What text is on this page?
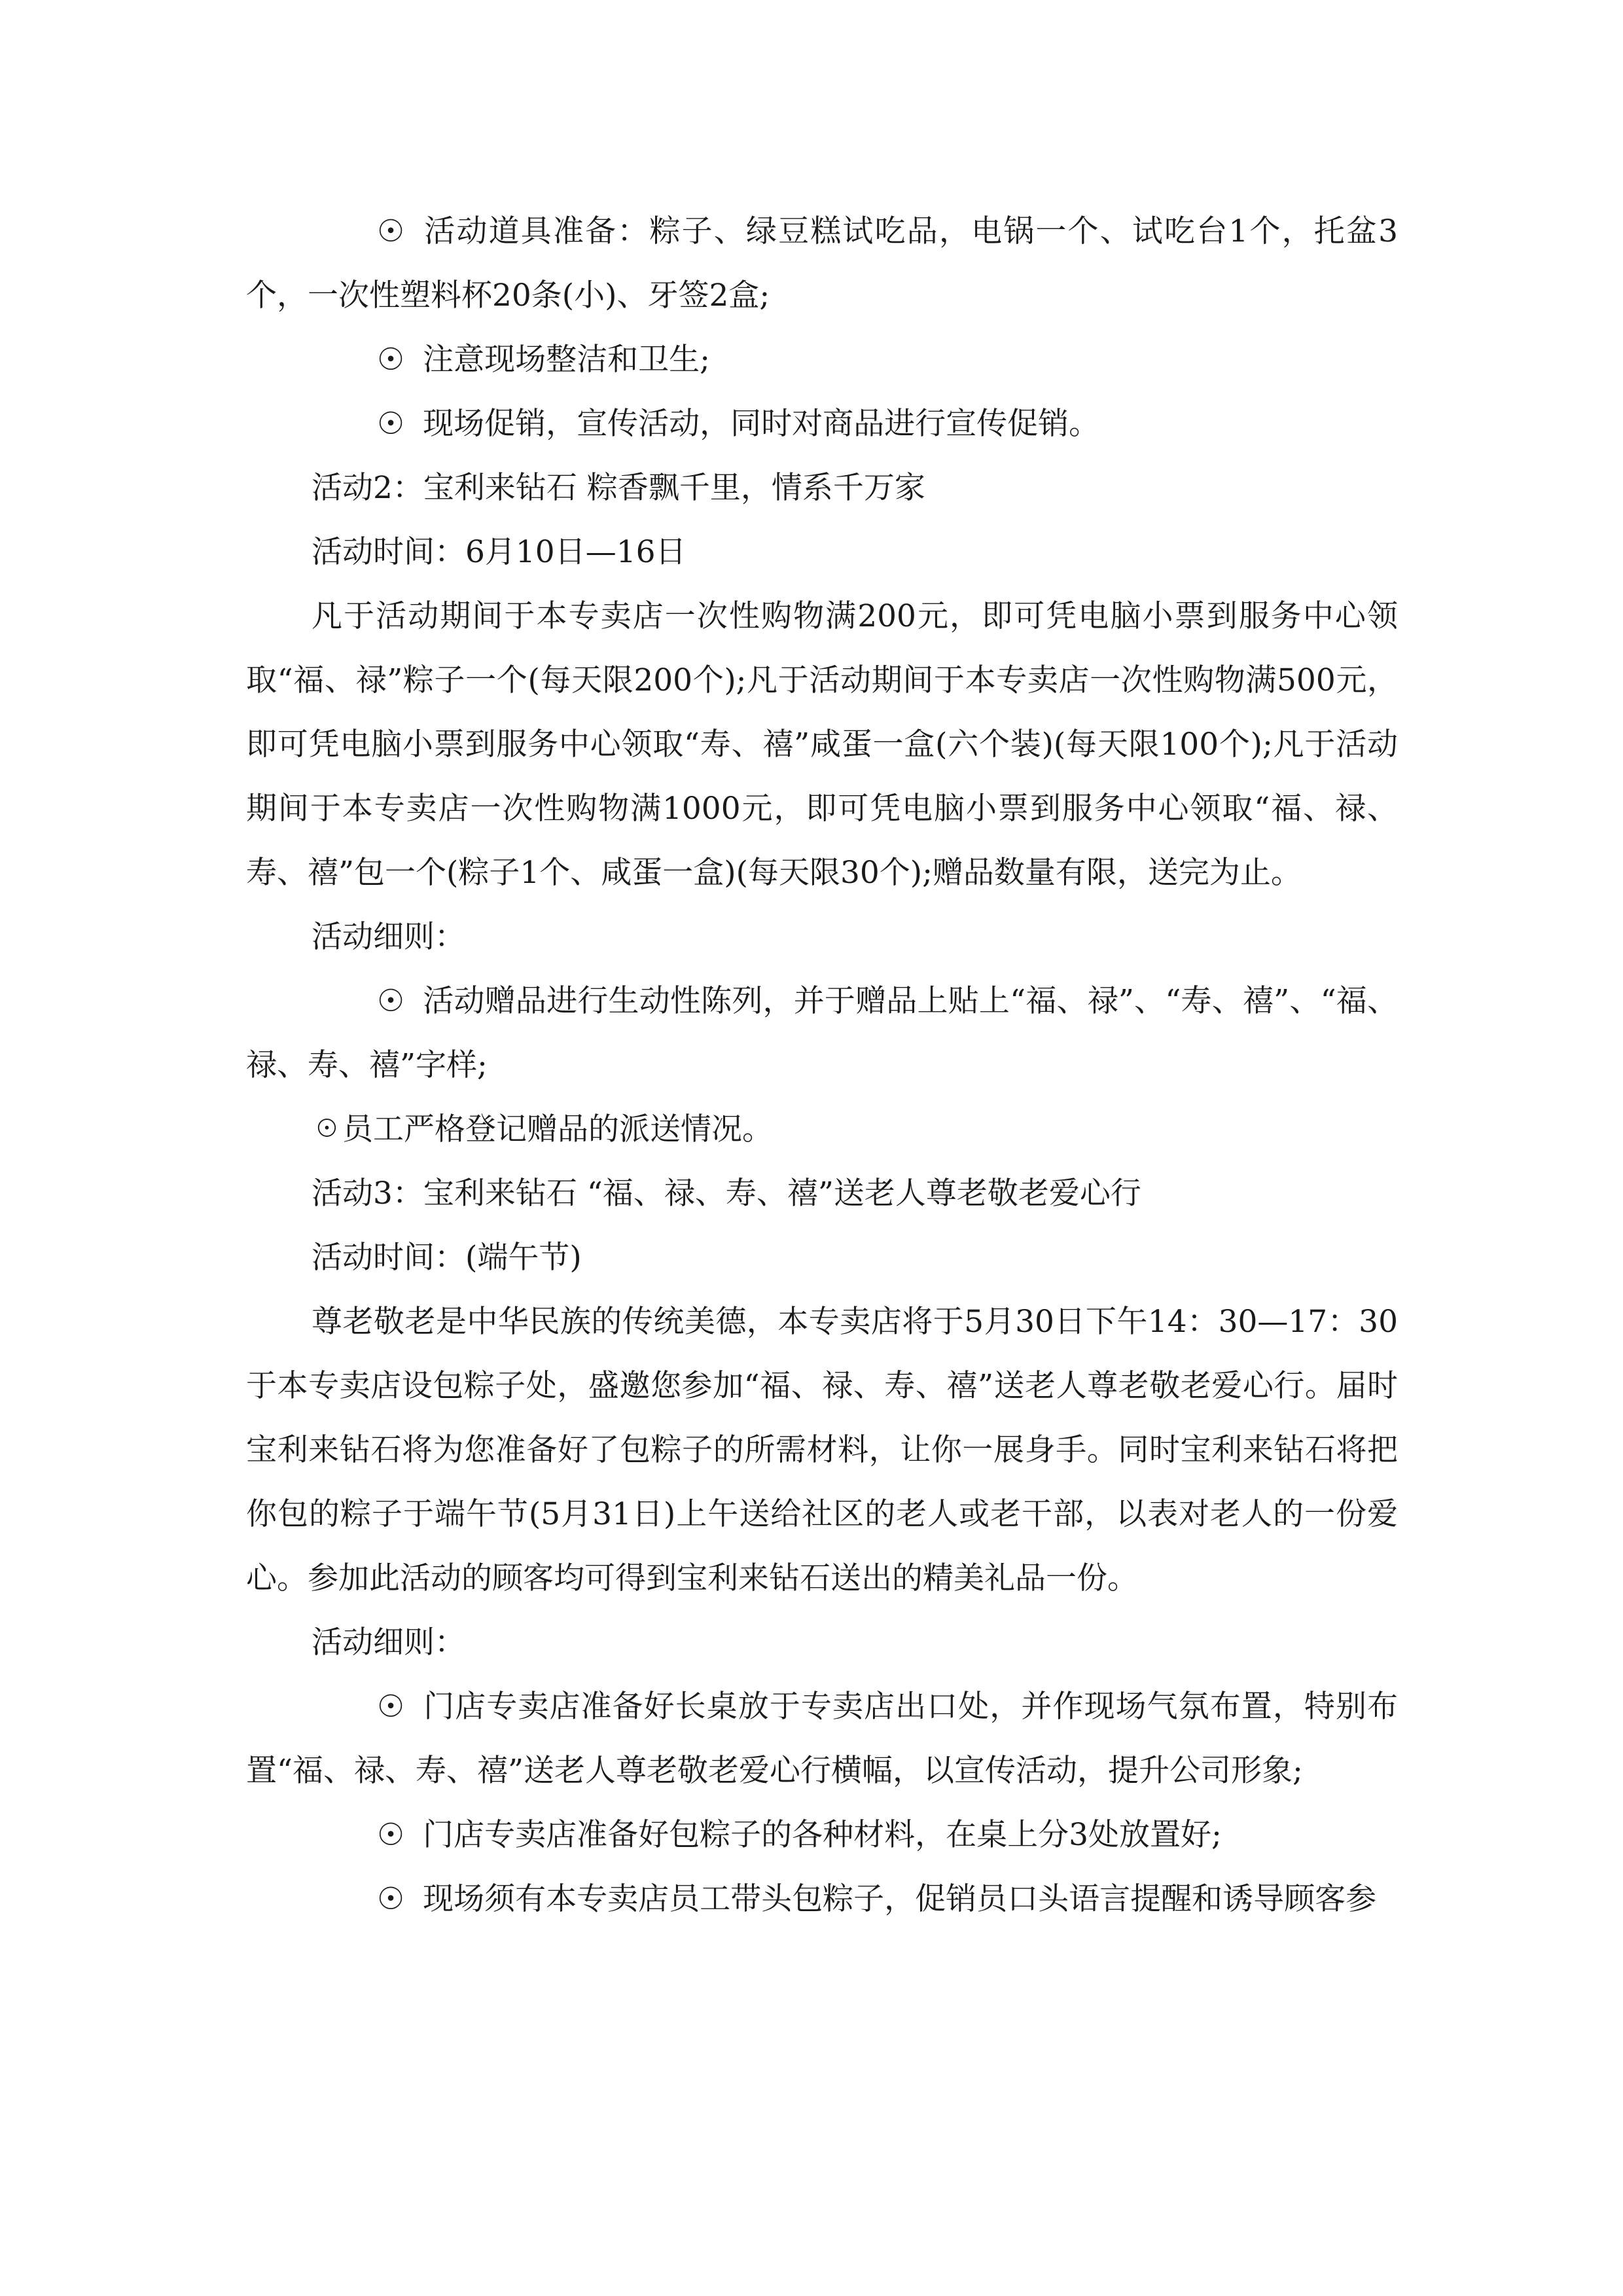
☉ 活动道具准备：粽子、绿豆糕试吃品，电锅一个、试吃台1个，托盆3个，一次性塑料杯20条(小)、牙签2盒;

☉ 注意现场整洁和卫生;

☉ 现场促销，宣传活动，同时对商品进行宣传促销。

活动2：宝利来钻石 粽香飘千里，情系千万家

活动时间：6月10日—16日

凡于活动期间于本专卖店一次性购物满200元，即可凭电脑小票到服务中心领取“福、禄”粽子一个(每天限200个);凡于活动期间于本专卖店一次性购物满500元，即可凭电脑小票到服务中心领取“寿、禧”咸蛋一盒(六个装)(每天限100个);凡于活动期间于本专卖店一次性购物满1000元，即可凭电脑小票到服务中心领取“福、禄、寿、禧”包一个(粽子1个、咸蛋一盒)(每天限30个);赠品数量有限，送完为止。

活动细则：

☉ 活动赠品进行生动性陈列，并于赠品上贴上“福、禄”、“寿、禧”、“福、禄、寿、禧”字样;

☉员工严格登记赠品的派送情况。

活动3：宝利来钻石 “福、禄、寿、禧”送老人尊老敬老爱心行

活动时间：(端午节)

尊老敬老是中华民族的传统美德，本专卖店将于5月30日下午14：30—17：30于本专卖店设包粽子处，盛邀您参加“福、禄、寿、禧”送老人尊老敬老爱心行。届时宝利来钻石将为您准备好了包粽子的所需材料，让你一展身手。同时宝利来钻石将把你包的粽子于端午节(5月31日)上午送给社区的老人或老干部，以表对老人的一份爱心。参加此活动的顾客均可得到宝利来钻石送出的精美礼品一份。

活动细则：

☉ 门店专卖店准备好长桌放于专卖店出口处，并作现场气氛布置，特别布置“福、禄、寿、禧”送老人尊老敬老爱心行横幅，以宣传活动，提升公司形象;

☉ 门店专卖店准备好包粽子的各种材料，在桌上分3处放置好;

☉ 现场须有本专卖店员工带头包粽子，促销员口头语言提醒和诱导顾客参
